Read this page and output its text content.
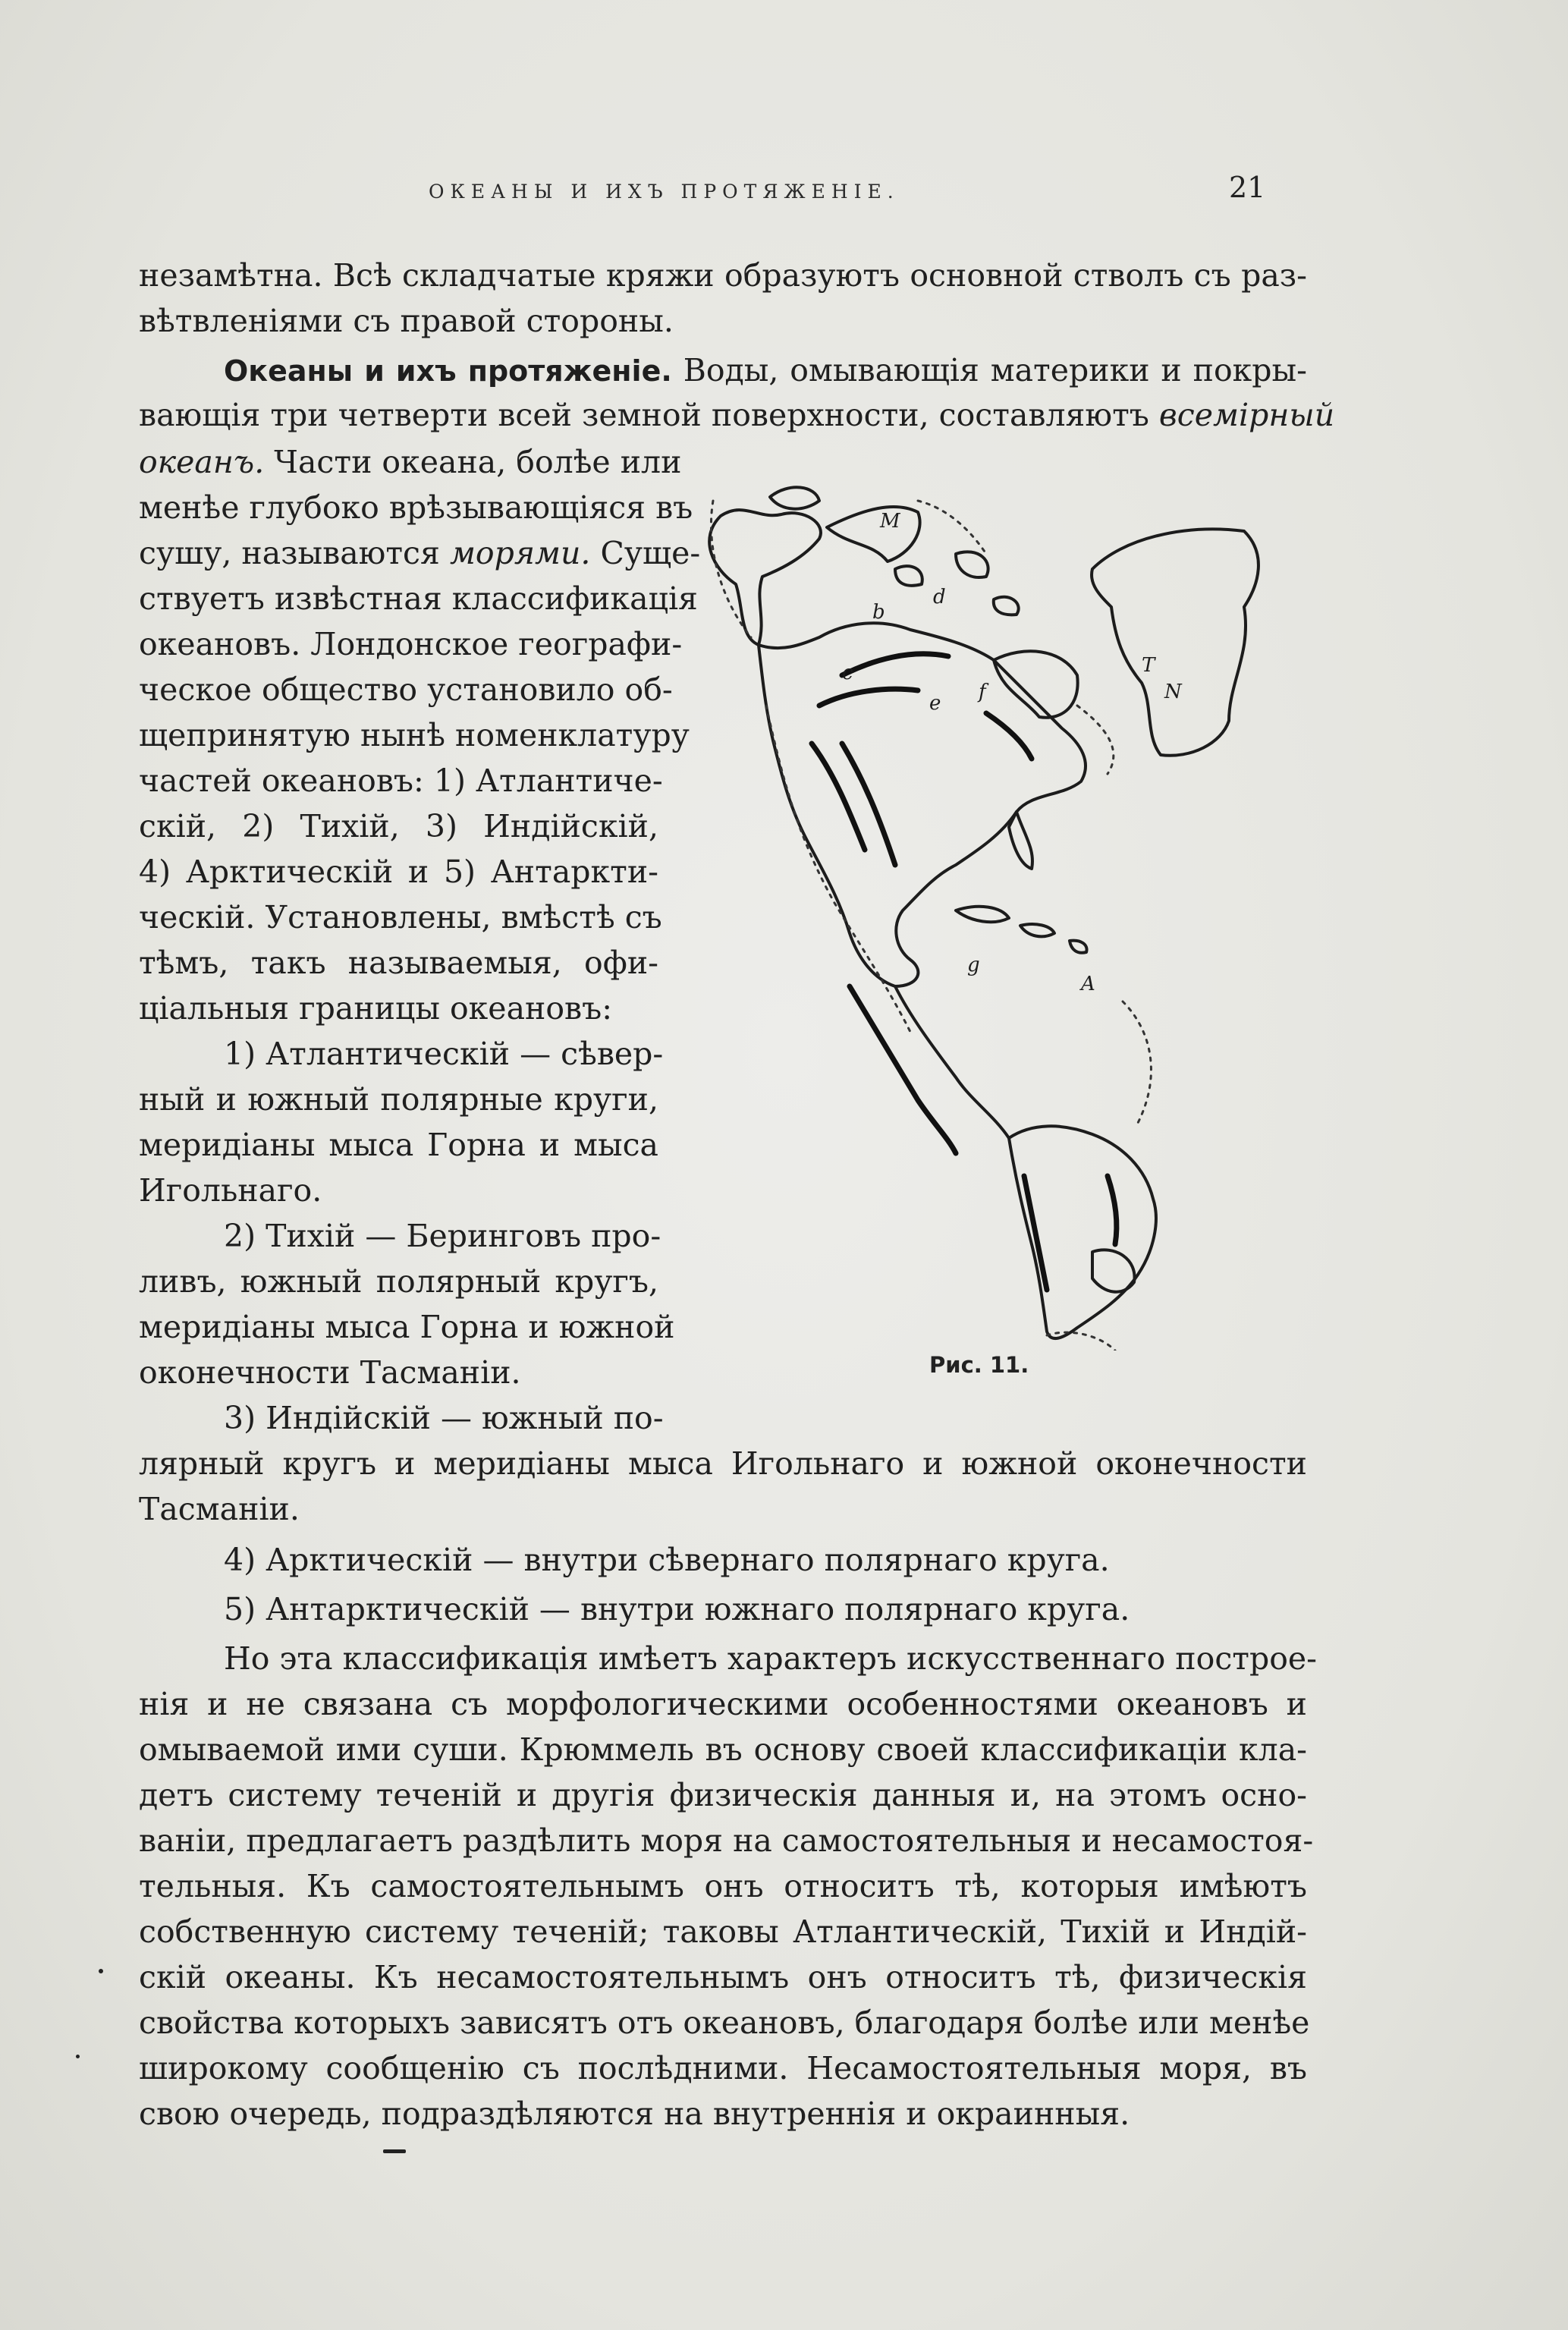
ОКЕАНЫ И ИХЪ ПРОТЯЖЕНІЕ.	21
незамѣтна. Всѣ складчатые кряжи образуютъ основной стволъ съ раз-
вѣтвленіями съ правой стороны.
Океаны и ихъ протяженіе. Воды, омывающія материки и покры-
вающія три четверти всей земной поверхности, составляютъ всемірный
океанъ. Части океана, болѣе или
менѣе глубоко врѣзывающіяся въ
сушу, называются морями. Суще-
ствуетъ извѣстная классификація
океановъ. Лондонское географи-
ческое общество установило об-
щепринятую нынѣ номенклатуру
частей океановъ: 1) Атлантиче-
скій, 2) Тихій, 3) Индійскій,
4) Арктическій и 5) Антаркти-
ческій. Установлены, вмѣстѣ съ
тѣмъ, такъ называемыя, офи-
ціальныя границы океановъ:
1) Атлантическій — сѣвер-
ный и южный полярные круги,
меридіаны мыса Горна и мыса
Игольнаго.
2) Тихій — Беринговъ про-
ливъ, южный полярный кругъ,
меридіаны мыса Горна и южной
оконечности Тасманіи.
3) Индійскій — южный по-
лярный кругъ и меридіаны мыса Игольнаго и южной оконечности
Тасманіи.
4) Арктическій — внутри сѣвернаго полярнаго круга.
5) Антарктическій — внутри южнаго полярнаго круга.
Но эта классификація имѣетъ характеръ искусственнаго построе-
нія и не связана съ морфологическими особенностями океановъ и
омываемой ими суши. Крюммель въ основу своей классификаціи кла-
детъ систему теченій и другія физическія данныя и, на этомъ осно-
ваніи, предлагаетъ раздѣлить моря на самостоятельныя и несамостоя-
тельныя. Къ самостоятельнымъ онъ относитъ тѣ, которыя имѣютъ
собственную систему теченій; таковы Атлантическій, Тихій и Индій-
скій океаны. Къ несамостоятельнымъ онъ относитъ тѣ, физическія
свойства которыхъ зависятъ отъ океановъ, благодаря болѣе или менѣе
широкому сообщенію съ послѣдними. Несамостоятельныя моря, въ
свою очередь, подраздѣляются на внутреннія и окраинныя.
M
T
N
A
b
c
d
e f
g
Рис. 11.
